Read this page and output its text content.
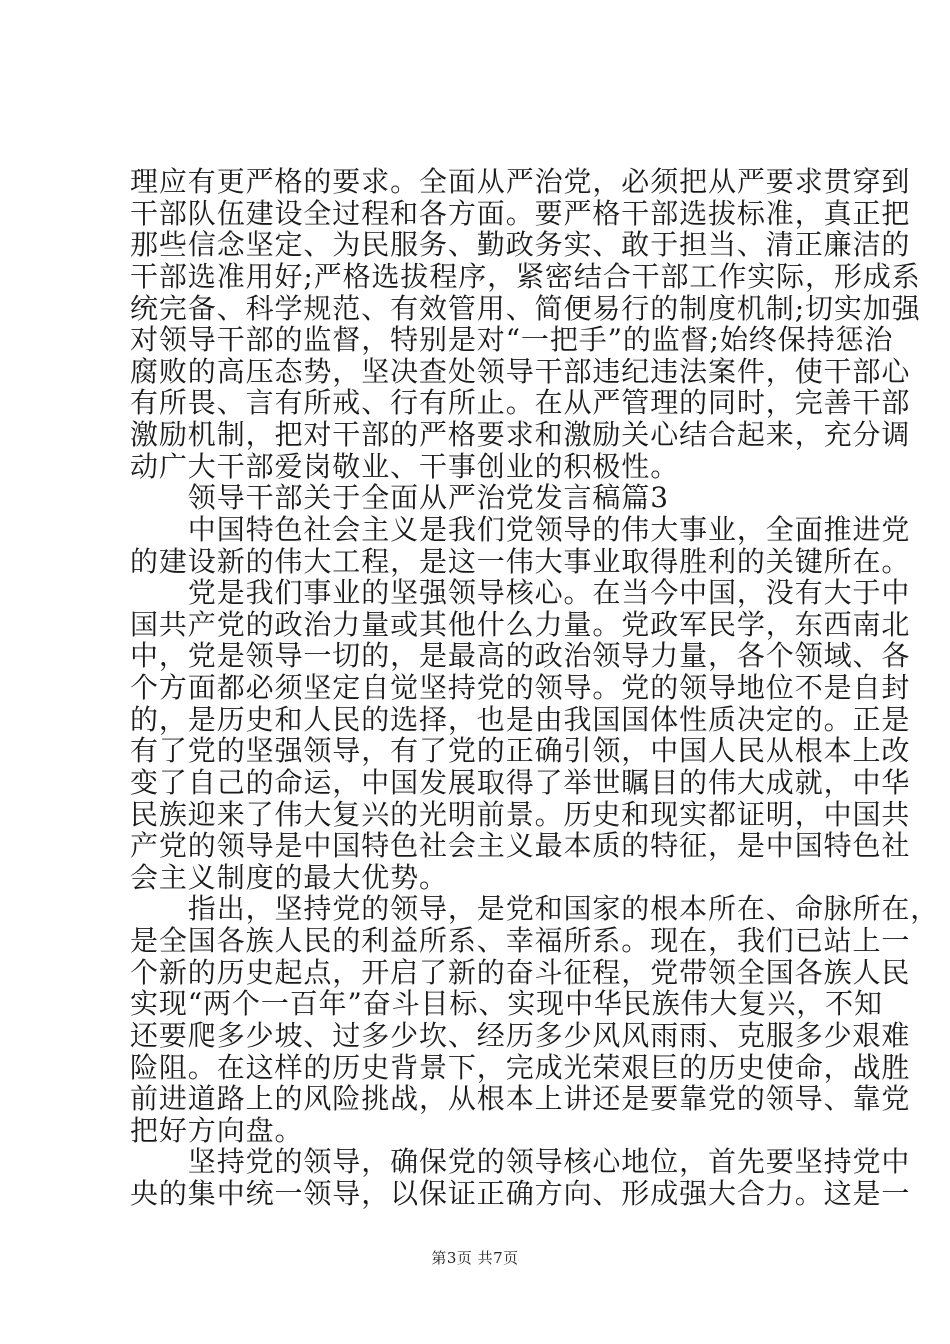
理应有更严格的要求。全面从严治党，必须把从严要求贯穿到
干部队伍建设全过程和各方面。要严格干部选拔标准，真正把
那些信念坚定、为民服务、勤政务实、敢于担当、清正廉洁的
干部选准用好;严格选拔程序，紧密结合干部工作实际，形成系
统完备、科学规范、有效管用、简便易行的制度机制;切实加强
对领导干部的监督，特别是对“一把手”的监督;始终保持惩治
腐败的高压态势，坚决查处领导干部违纪违法案件，使干部心
有所畏、言有所戒、行有所止。在从严管理的同时，完善干部
激励机制，把对干部的严格要求和激励关心结合起来，充分调
动广大干部爱岗敬业、干事创业的积极性。
　　领导干部关于全面从严治党发言稿篇3
　　中国特色社会主义是我们党领导的伟大事业，全面推进党
的建设新的伟大工程，是这一伟大事业取得胜利的关键所在。
　　党是我们事业的坚强领导核心。在当今中国，没有大于中
国共产党的政治力量或其他什么力量。党政军民学，东西南北
中，党是领导一切的，是最高的政治领导力量，各个领域、各
个方面都必须坚定自觉坚持党的领导。党的领导地位不是自封
的，是历史和人民的选择，也是由我国国体性质决定的。正是
有了党的坚强领导，有了党的正确引领，中国人民从根本上改
变了自己的命运，中国发展取得了举世瞩目的伟大成就，中华
民族迎来了伟大复兴的光明前景。历史和现实都证明，中国共
产党的领导是中国特色社会主义最本质的特征，是中国特色社
会主义制度的最大优势。
　　指出，坚持党的领导，是党和国家的根本所在、命脉所在，
是全国各族人民的利益所系、幸福所系。现在，我们已站上一
个新的历史起点，开启了新的奋斗征程，党带领全国各族人民
实现“两个一百年”奋斗目标、实现中华民族伟大复兴，不知
还要爬多少坡、过多少坎、经历多少风风雨雨、克服多少艰难
险阻。在这样的历史背景下，完成光荣艰巨的历史使命，战胜
前进道路上的风险挑战，从根本上讲还是要靠党的领导、靠党
把好方向盘。
第3页 共7页
　　坚持党的领导，确保党的领导核心地位，首先要坚持党中
央的集中统一领导，以保证正确方向、形成强大合力。这是一
